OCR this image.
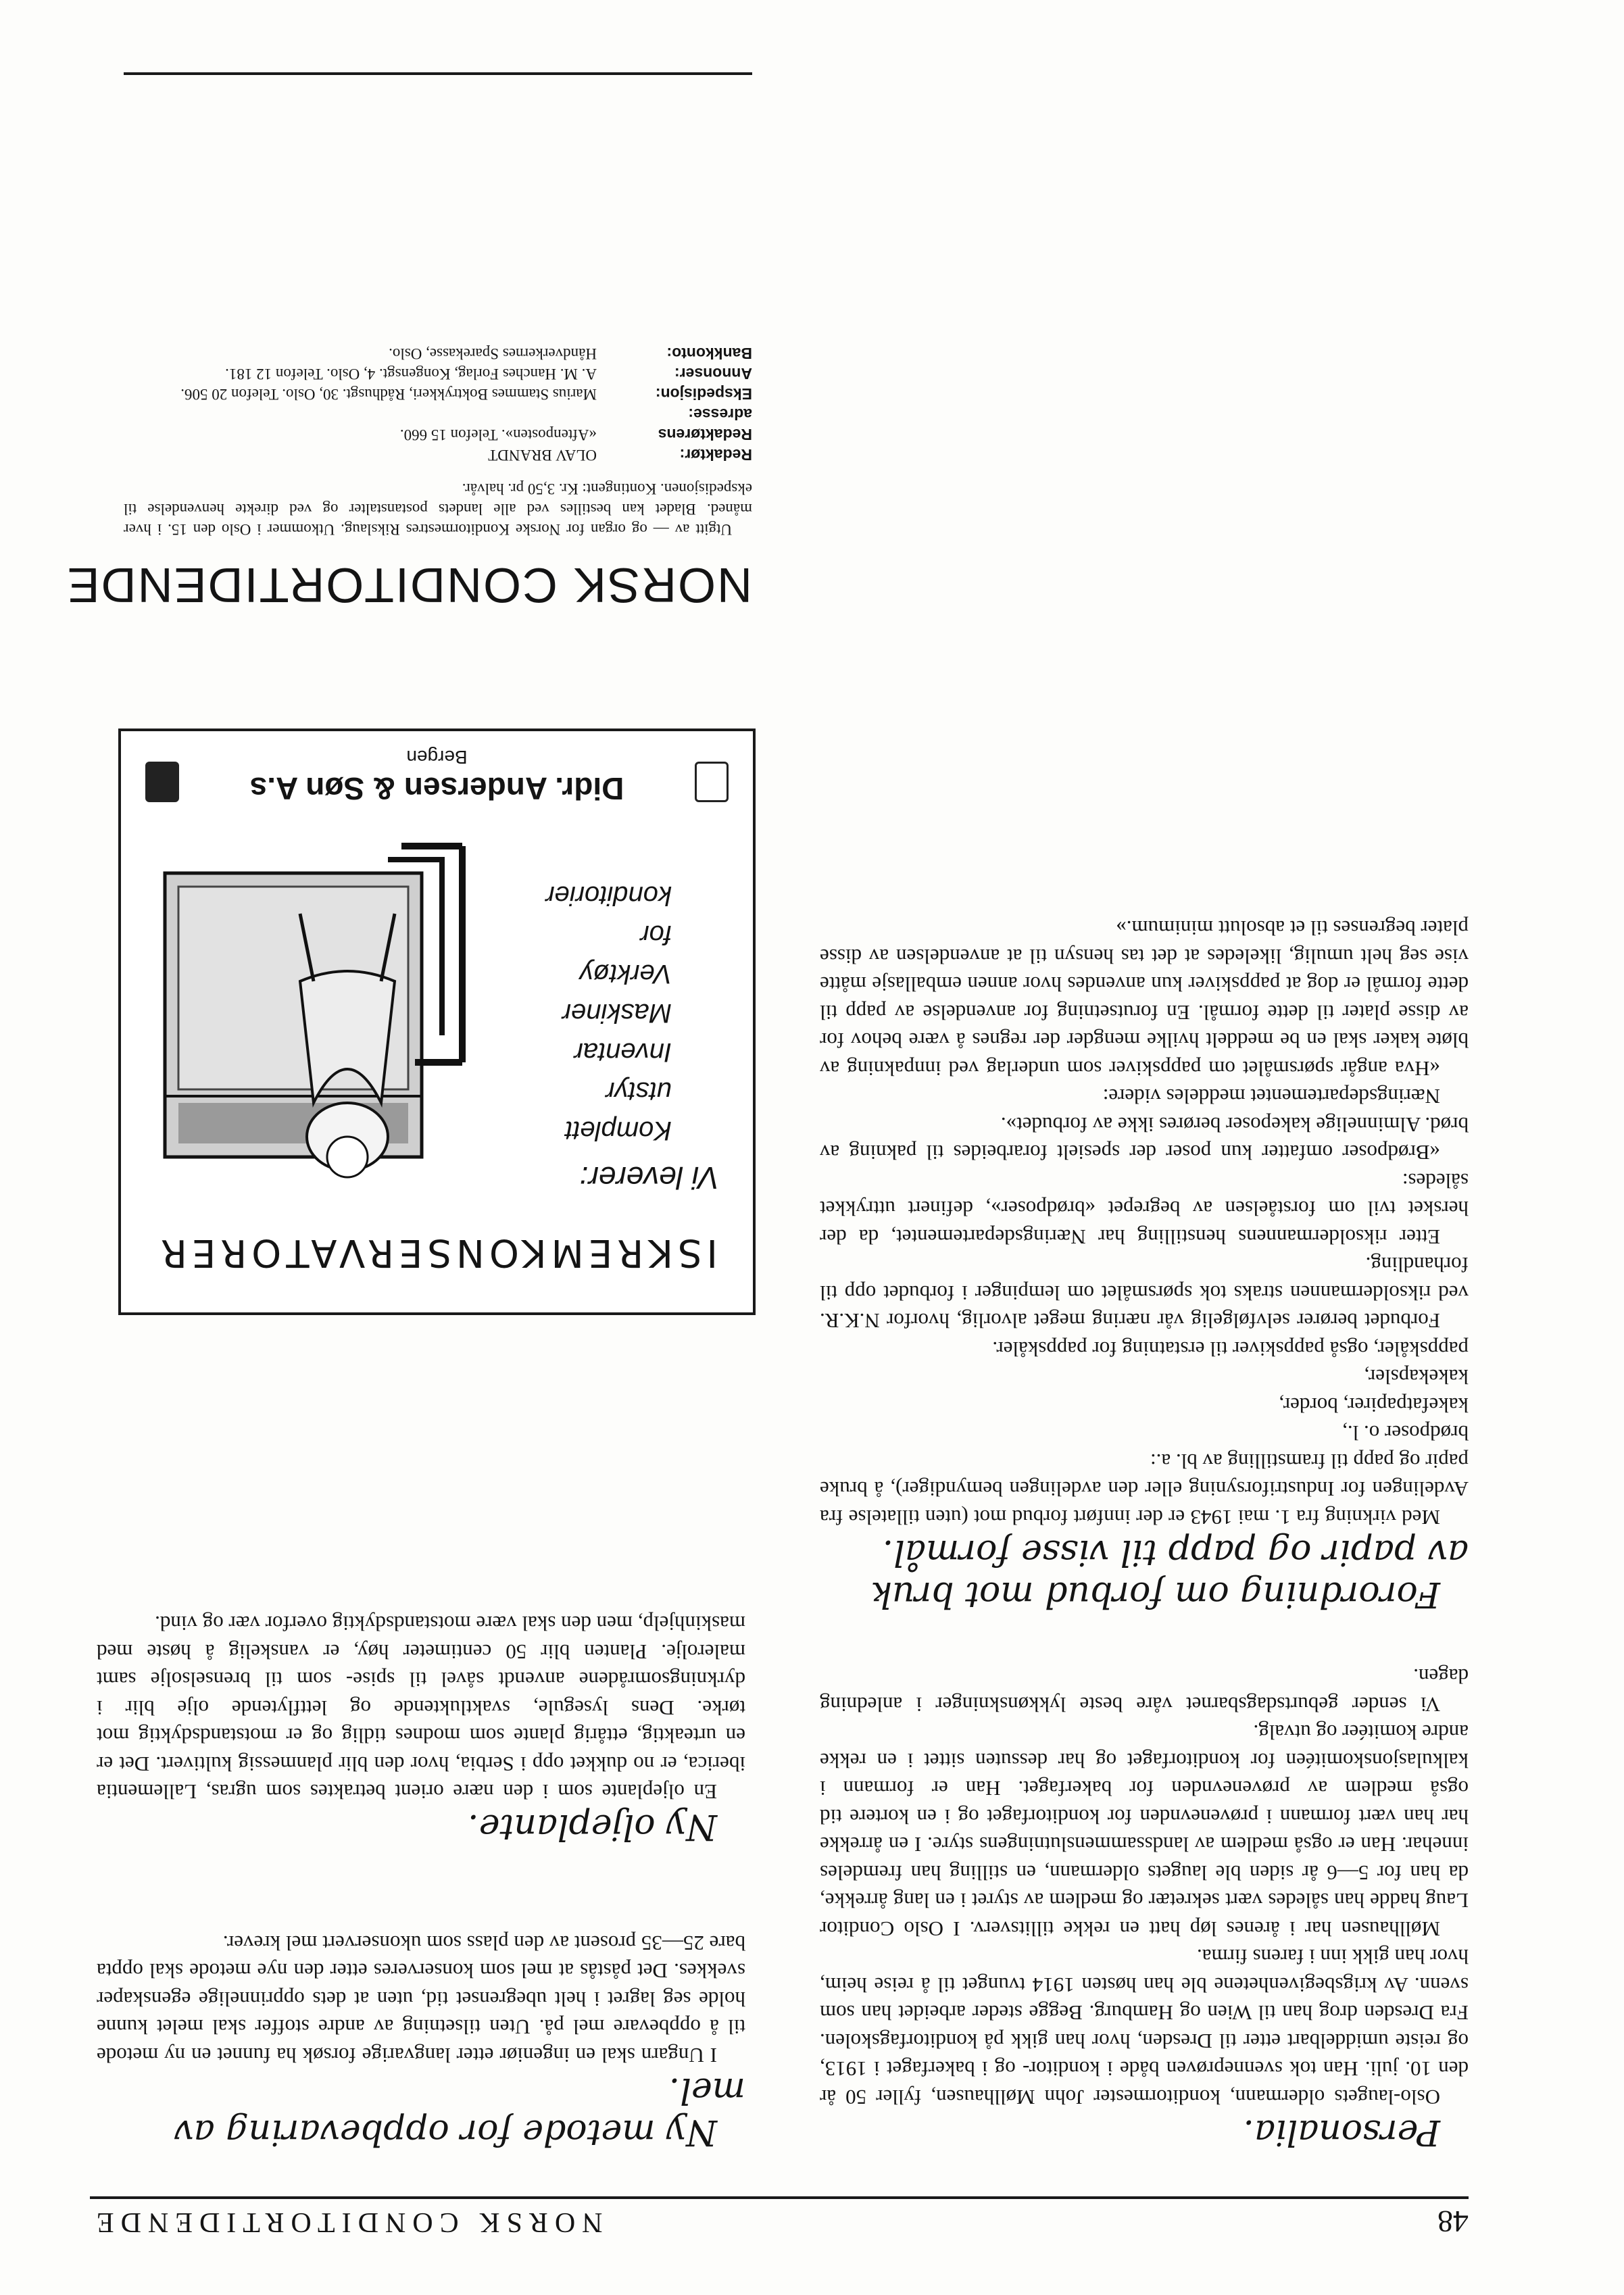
48
NORSK CONDITORTIDENDE

Personalia.

Oslo-laugets oldermann, konditormester John Møllhausen, fyller 50 år den 10. juli. Han tok svenneprøven både i konditor- og i bakerfaget i 1913, og reiste umiddelbart etter til Dresden, hvor han gikk på konditorfagskolen. Fra Dresden drog han til Wien og Hamburg. Begge steder arbeidet han som svenn. Av krigsbegivenhetene ble han høsten 1914 tvunget til å reise heim, hvor han gikk inn i farens firma.

Møllhausen har i årenes løp hatt en rekke tillitsverv. I Oslo Conditor Laug hadde han således vært sekretær og medlem av styret i en lang årrekke, da han for 5—6 år siden ble laugets oldermann, en stilling han fremdeles innehar. Han er også medlem av landssammenslutningens styre. I en årrekke har han vært formann i prøvenevnden for konditorfaget og i en kortere tid også medlem av prøvenevnden for bakerfaget. Han er formann i kalkulasjonskomitéen for konditorfaget og har dessuten sittet i en rekke andre komitéer og utvalg.

Vi sender geburtsdagsbarnet våre beste lykkønskninger i anledning dagen.

Forordning om forbud mot bruk av papir og papp til visse formål.

Med virkning fra 1. mai 1943 er der innført forbud mot (uten tillatelse fra Avdelingen for Industriforsyning eller den avdelingen bemyndiger), å bruke papir og papp til framstilling av bl. a.:

brødposer o. l.,

kakefatpapirer, border,

kakekapsler,

pappskåler, også pappskiver til erstatning for pappskåler.

Forbudet berører selvfølgelig vår næring meget alvorlig, hvorfor N.K.R. ved riksoldermannen straks tok spørsmålet om lempinger i forbudet opp til forhandling.

Etter riksoldermannens henstilling har Næringsdepartementet, da der hersket tvil om forståelsen av begrepet «brødposer», definert uttrykket således:

«Brødposer omfatter kun poser der spesielt forarbeides til pakning av brød. Alminnelige kakeposer berøres ikke av forbudet».

Næringsdepartementet meddeles videre:

«Hva angår spørsmålet om pappskiver som underlag ved innpakning av bløte kaker skal en be meddelt hvilke mengder der regnes å være behov for av disse plater til dette formål. En forutsetning for anvendelse av papp til dette formål er dog at pappskiver kun anvendes hvor annen emballasje måtte vise seg helt umulig, likeledes at det tas hensyn til at anvendelsen av disse plater begrenses til et absolutt minimum.»

Ny metode for oppbevaring av mel.

I Ungarn skal en ingeniør etter langvarige forsøk ha funnet en ny metode til å oppbevare mel på. Uten tilsetning av andre stoffer skal melet kunne holde seg lagret i helt ubegrenset tid, uten at dets opprinnelige egenskaper svekkes. Det påstås at mel som konserveres etter den nye metode skal oppta bare 25—35 prosent av den plass som ukonservert mel krever.

Ny oljeplante.

En oljeplante som i den nære orient betraktes som ugras, Lallementia iberica, er no dukket opp i Serbia, hvor den blir planmessig kultivert. Det er en urteaktig, ettårig plante som modnes tidlig og er motstandsdyktig mot tørke. Dens lysegule, svaktluktende og lettflytende olje blir i dyrkningsområdene anvendt såvel til spise- som til brenselsolje samt malerolje. Planten blir 50 centimeter høy, er vanskelig å høste med maskinhjelp, men den skal være motstandsdyktig overfor vær og vind.

ISKREMKONSERVATORER
Vi leverer:
Komplett
utstyr
Inventar
Maskiner
Verktøy
for
konditorier
Didr. Andersen & Søn A.s
Bergen
NORSK CONDITORTIDENDE
Utgitt av — og organ for Norske Konditormestres Rikslaug. Utkommer i Oslo den 15. i hver måned. Bladet kan bestilles ved alle landets postanstalter og ved direkte henvendelse til ekspedisjonen. Kontingent: Kr. 3,50 pr. halvår.
Redaktør:
OLAV BRANDT
Redaktørens adresse:
«Aftenposten». Telefon 15 660.
Ekspedisjon:
Marius Stammes Boktrykkeri, Rådhusgt. 30, Oslo. Telefon 20 506.
Annonser:
A. M. Hanches Forlag, Kongensgt. 4, Oslo. Telefon 12 181.
Bankkonto:
Håndverkernes Sparekasse, Oslo.
